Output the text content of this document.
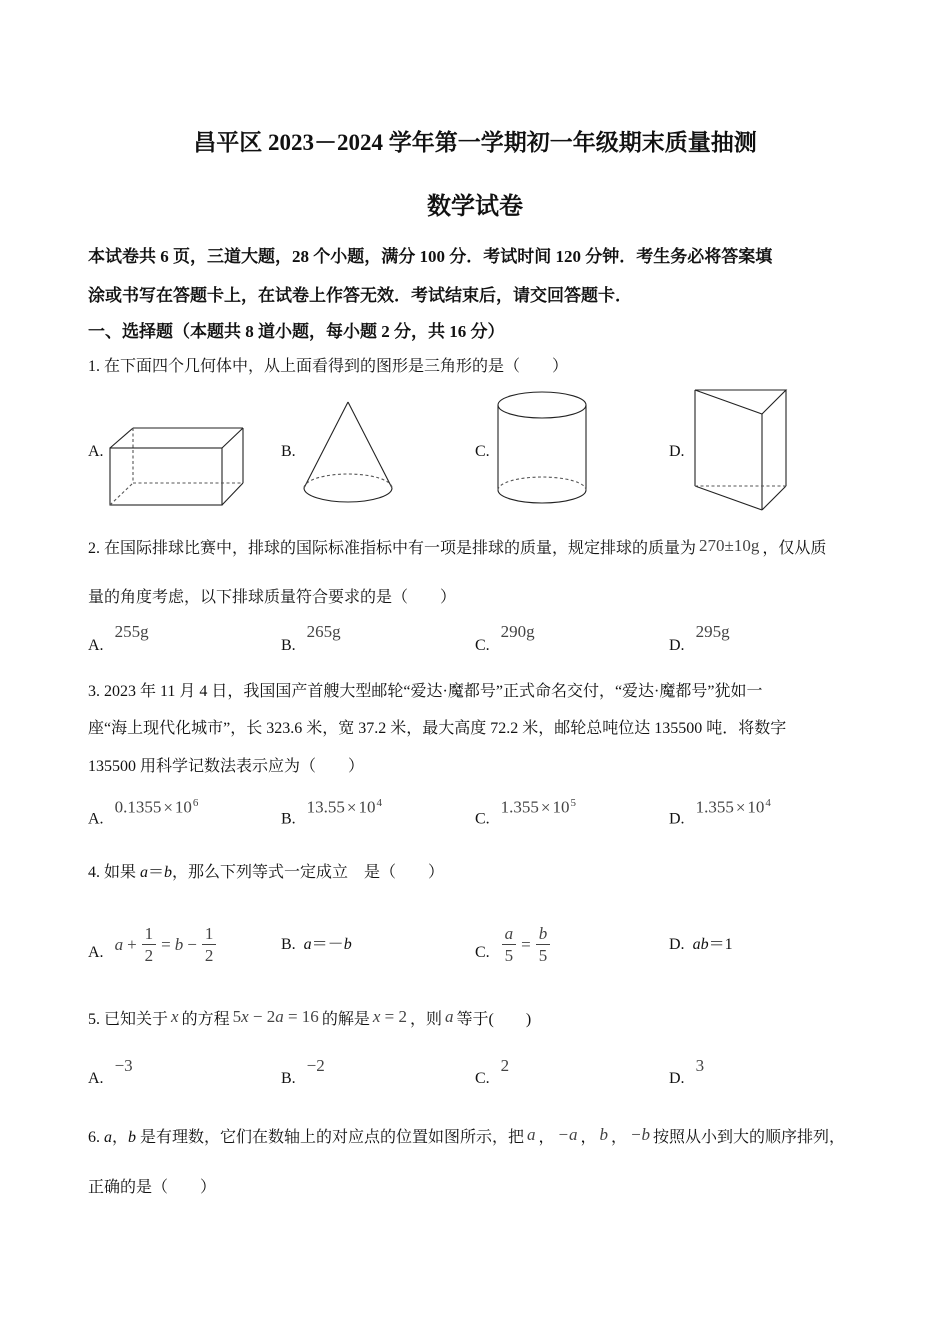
昌平区 2023－2024 学年第一学期初一年级期末质量抽测
数学试卷
本试卷共 6 页，三道大题，28 个小题，满分 100 分．考试时间 120 分钟．考生务必将答案填
涂或书写在答题卡上，在试卷上作答无效．考试结束后，请交回答题卡．
一、选择题（本题共 8 道小题，每小题 2 分，共 16 分）
1. 在下面四个几何体中，从上面看得到的图形是三角形的是（　　）
A.	B.	C.	D.
2. 在国际排球比赛中，排球的国际标准指标中有一项是排球的质量，规定排球的质量为 270±10g ，仅从质
量的角度考虑，以下排球质量符合要求的是（　　）
A.255g
B.265g
C.290g
D.295g
3. 2023 年 11 月 4 日，我国国产首艘大型邮轮“爱达·魔都号”正式命名交付，“爱达·魔都号”犹如一
座“海上现代化城市”，长 323.6 米，宽 37.2 米，最大高度 72.2 米，邮轮总吨位达 135500 吨．将数字
135500 用科学记数法表示应为（　　）
$A.0.1355 \times 10^6$
$B.13.55 \times 10^4$
$C.1.355 \times 10^5$
$D.1.355 \times 10^4$
4. 如果 a＝b，那么下列等式一定成立　是（　　）
A. $a + \frac{1}{2} = b - \frac{1}{2}$	B. a＝－b	C. $\frac{a}{5} = \frac{b}{5}$	D. ab＝1
5. 已知关于 x 的方程 5x − 2a = 16 的解是 x = 2 ，则 a 等于(　　)
A.−3
B.−2
C.2
D.3
6. a，b 是有理数，它们在数轴上的对应点的位置如图所示，把 a ， −a ， b ， −b 按照从小到大的顺序排列，
正确的是（　　）
